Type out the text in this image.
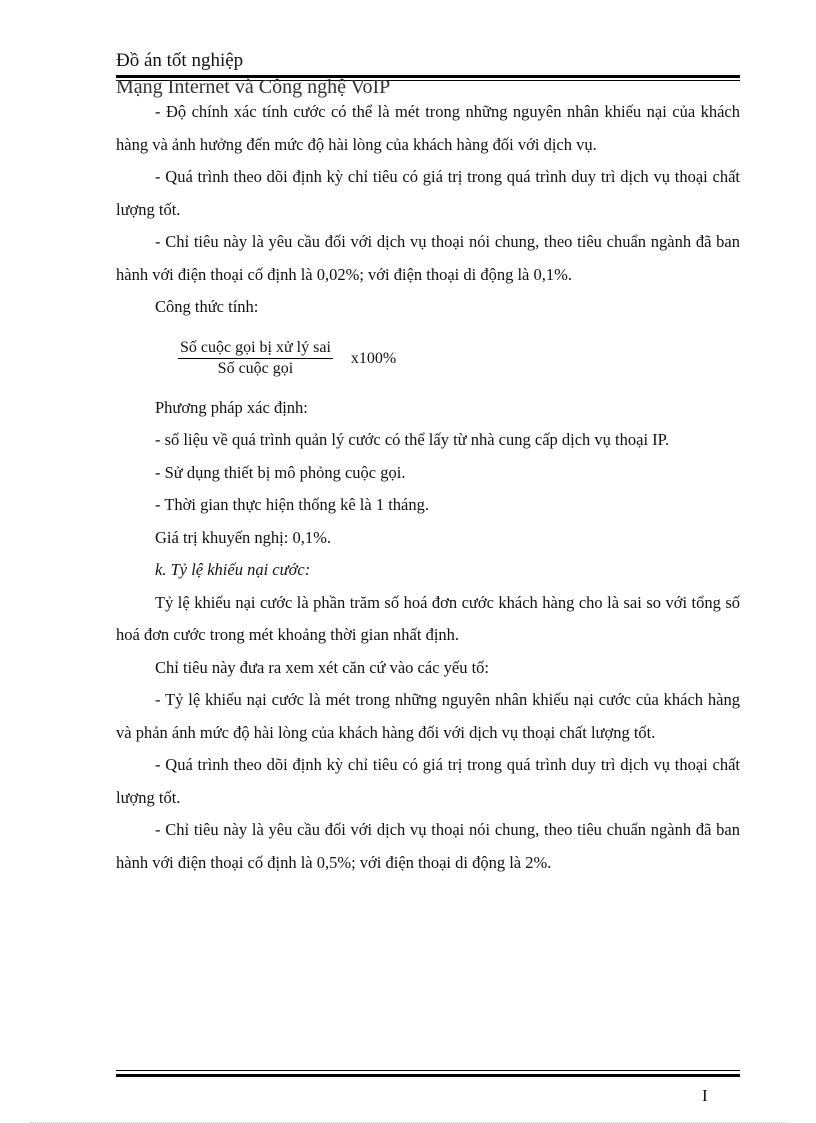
Đồ án tốt nghiệp
Mạng Internet và Công nghệ VoIP

- Độ chính xác tính cước có thể là mét trong những nguyên nhân khiếu nại của khách hàng và ảnh hưởng đến mức độ hài lòng của khách hàng đối với dịch vụ.

- Quá trình theo dõi định kỳ chỉ tiêu có giá trị trong quá trình duy trì dịch vụ thoại chất lượng tốt.

- Chỉ tiêu này là yêu cầu đối với dịch vụ thoại nói chung, theo tiêu chuẩn ngành đã ban hành với điện thoại cố định là 0,02%; với điện thoại di động là 0,1%.

Công thức tính:

$\frac{\text{Số cuộc gọi bị xử lý sai}}{\text{Số cuộc gọi}} x100\%$

Phương pháp xác định:

- số liệu về quá trình quản lý cước có thể lấy từ nhà cung cấp dịch vụ thoại IP.

- Sử dụng thiết bị mô phỏng cuộc gọi.

- Thời gian thực hiện thống kê là 1 tháng.

Giá trị khuyến nghị: 0,1%.

k. Tỷ lệ khiếu nại cước:

Tỷ lệ khiếu nại cước là phần trăm số hoá đơn cước khách hàng cho là sai so với tổng số hoá đơn cước trong mét khoảng thời gian nhất định.

Chỉ tiêu này đưa ra xem xét căn cứ vào các yếu tố:

- Tỷ lệ khiếu nại cước là mét trong những nguyên nhân khiếu nại cước của khách hàng và phản ánh mức độ hài lòng của khách hàng đối với dịch vụ thoại chất lượng tốt.

- Quá trình theo dõi định kỳ chỉ tiêu có giá trị trong quá trình duy trì dịch vụ thoại chất lượng tốt.

- Chỉ tiêu này là yêu cầu đối với dịch vụ thoại nói chung, theo tiêu chuẩn ngành đã ban hành với điện thoại cố định là 0,5%; với điện thoại di động là 2%.

I
